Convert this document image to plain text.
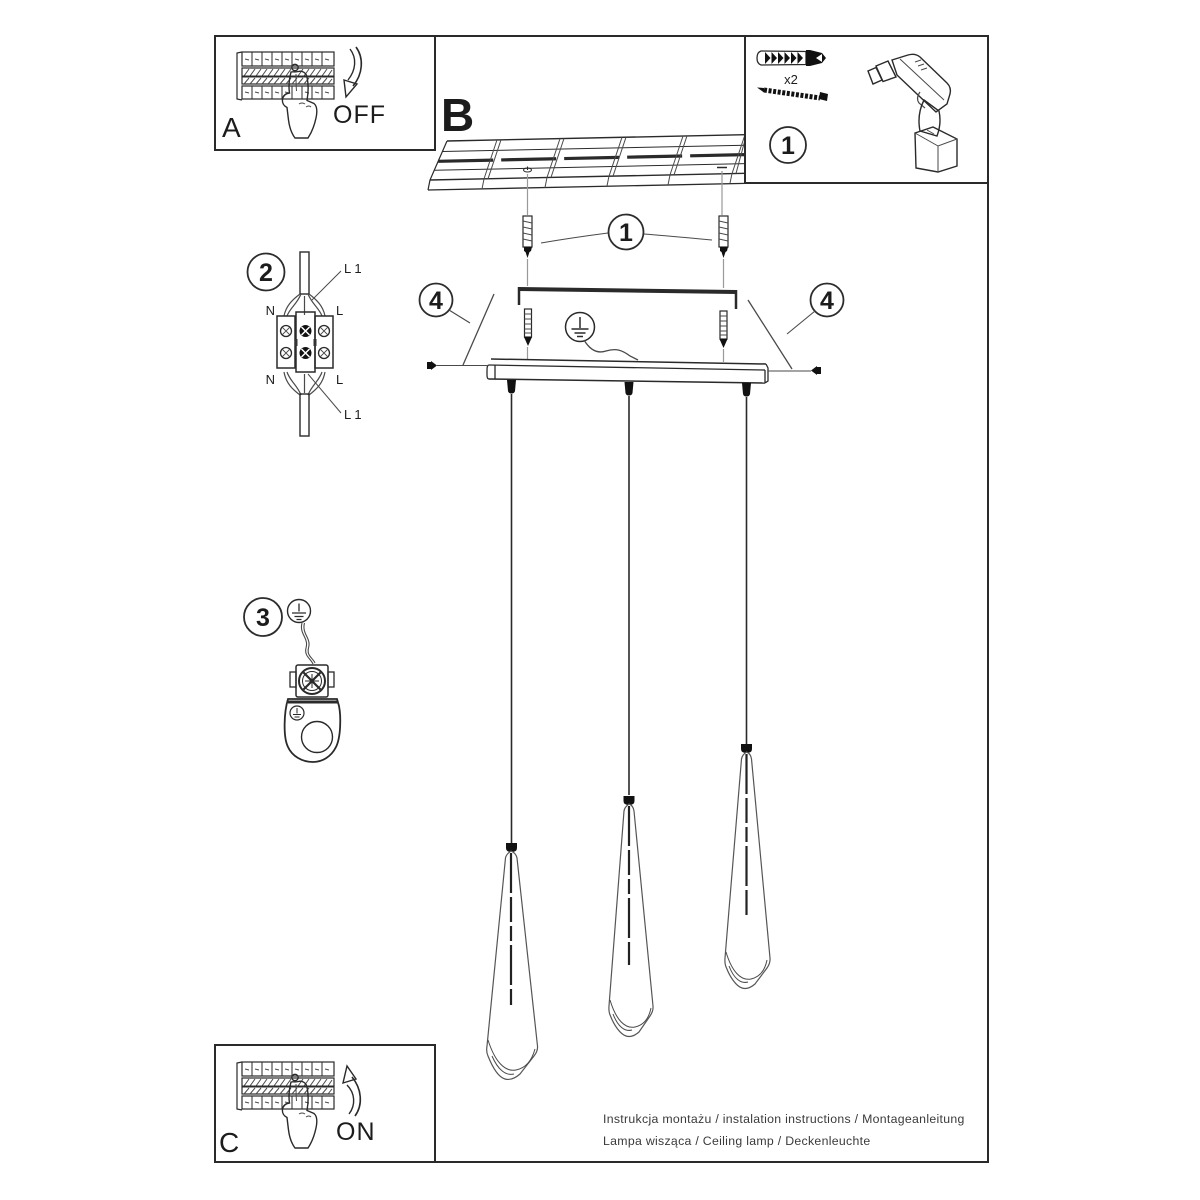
1
4	4
x2
1
A	OFF
C	ON
B
2
N	L
N	L
L 1
L 1
3
Instrukcja montażu / instalation instructions / Montageanleitung
Lampa wisząca / Ceiling lamp / Deckenleuchte
